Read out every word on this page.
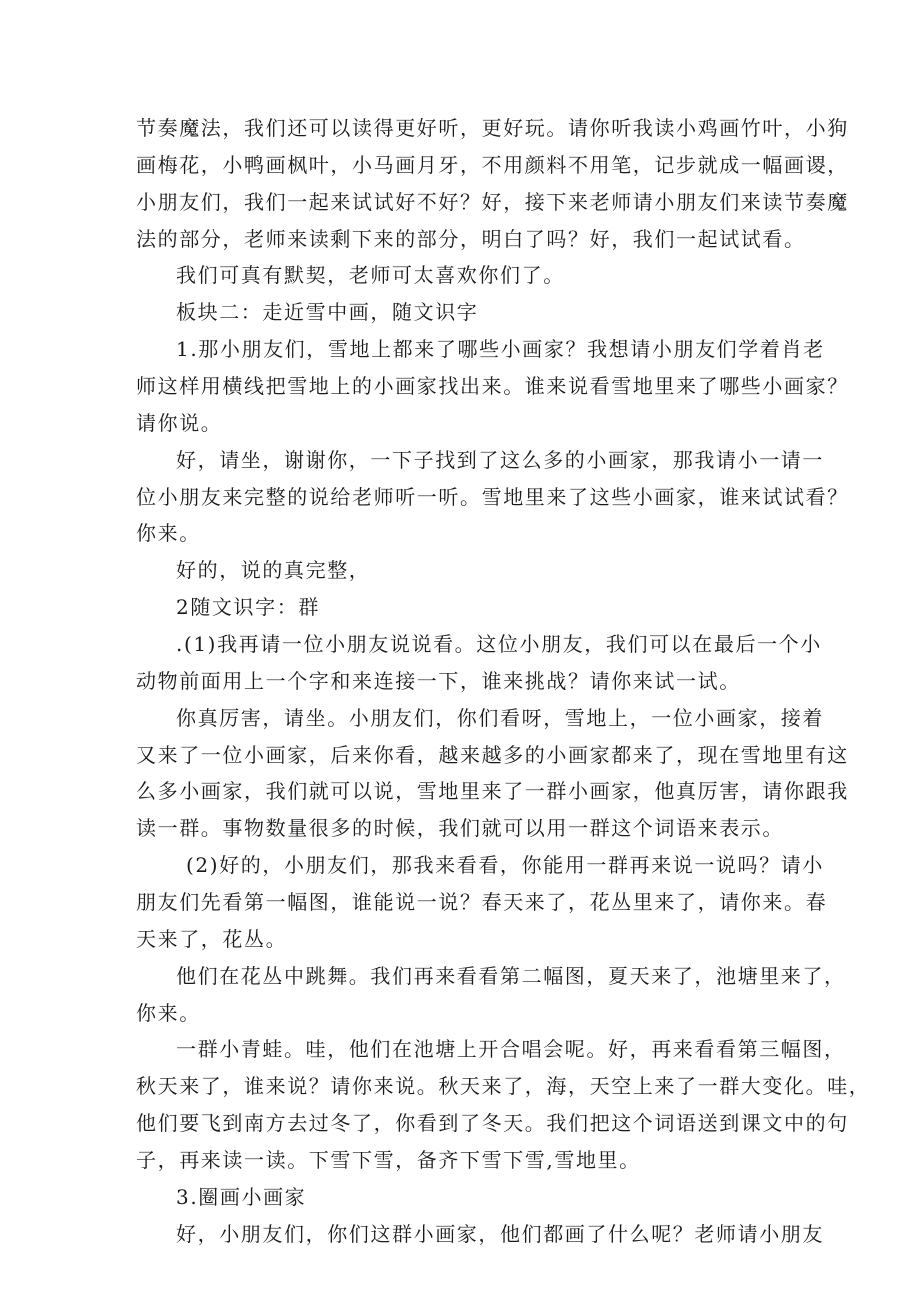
节奏魔法，我们还可以读得更好听，更好玩。请你听我读小鸡画竹叶，小狗
画梅花，小鸭画枫叶，小马画月牙，不用颜料不用笔，记步就成一幅画谡，
小朋友们，我们一起来试试好不好？好，接下来老师请小朋友们来读节奏魔
法的部分，老师来读剩下来的部分，明白了吗？好，我们一起试试看。
我们可真有默契，老师可太喜欢你们了。
板块二：走近雪中画，随文识字
1.那小朋友们，雪地上都来了哪些小画家？我想请小朋友们学着肖老
师这样用横线把雪地上的小画家找出来。谁来说看雪地里来了哪些小画家？
请你说。
好，请坐，谢谢你，一下子找到了这么多的小画家，那我请小一请一
位小朋友来完整的说给老师听一听。雪地里来了这些小画家，谁来试试看？
你来。
好的，说的真完整，
2随文识字：群
.(1)我再请一位小朋友说说看。这位小朋友，我们可以在最后一个小
动物前面用上一个字和来连接一下，谁来挑战？请你来试一试。
你真厉害，请坐。小朋友们，你们看呀，雪地上，一位小画家，接着
又来了一位小画家，后来你看，越来越多的小画家都来了，现在雪地里有这
么多小画家，我们就可以说，雪地里来了一群小画家，他真厉害，请你跟我
读一群。事物数量很多的时候，我们就可以用一群这个词语来表示。
(2)好的，小朋友们，那我来看看，你能用一群再来说一说吗？请小
朋友们先看第一幅图，谁能说一说？春天来了，花丛里来了，请你来。春
天来了，花丛。
他们在花丛中跳舞。我们再来看看第二幅图，夏天来了，池塘里来了，
你来。
一群小青蛙。哇，他们在池塘上开合唱会呢。好，再来看看第三幅图，
秋天来了，谁来说？请你来说。秋天来了，海，天空上来了一群大变化。哇，
他们要飞到南方去过冬了，你看到了冬天。我们把这个词语送到课文中的句
子，再来读一读。下雪下雪，备齐下雪下雪,雪地里。
3.圈画小画家
好，小朋友们，你们这群小画家，他们都画了什么呢？老师请小朋友
